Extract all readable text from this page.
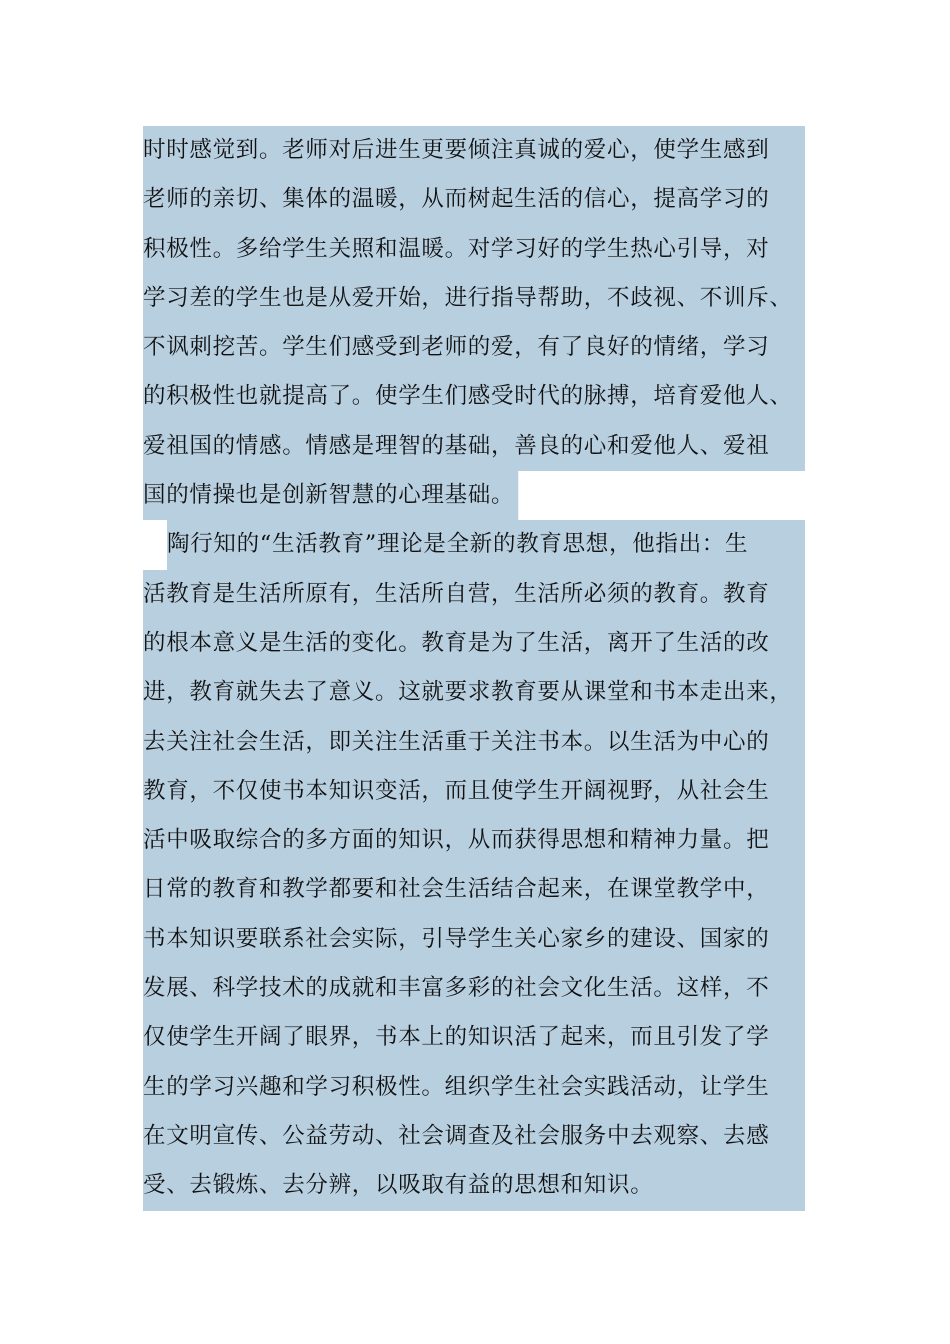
时时感觉到。老师对后进生更要倾注真诚的爱心，使学生感到
老师的亲切、集体的温暖，从而树起生活的信心，提高学习的
积极性。多给学生关照和温暖。对学习好的学生热心引导，对
学习差的学生也是从爱开始，进行指导帮助，不歧视、不训斥、
不讽刺挖苦。学生们感受到老师的爱，有了良好的情绪，学习
的积极性也就提高了。使学生们感受时代的脉搏，培育爱他人、
爱祖国的情感。情感是理智的基础，善良的心和爱他人、爱祖
国的情操也是创新智慧的心理基础。
陶行知的“生活教育”理论是全新的教育思想，他指出：生
活教育是生活所原有，生活所自营，生活所必须的教育。教育
的根本意义是生活的变化。教育是为了生活，离开了生活的改
进，教育就失去了意义。这就要求教育要从课堂和书本走出来，
去关注社会生活，即关注生活重于关注书本。以生活为中心的
教育，不仅使书本知识变活，而且使学生开阔视野，从社会生
活中吸取综合的多方面的知识，从而获得思想和精神力量。把
日常的教育和教学都要和社会生活结合起来，在课堂教学中，
书本知识要联系社会实际，引导学生关心家乡的建设、国家的
发展、科学技术的成就和丰富多彩的社会文化生活。这样，不
仅使学生开阔了眼界，书本上的知识活了起来，而且引发了学
生的学习兴趣和学习积极性。组织学生社会实践活动，让学生
在文明宣传、公益劳动、社会调查及社会服务中去观察、去感
受、去锻炼、去分辨，以吸取有益的思想和知识。
